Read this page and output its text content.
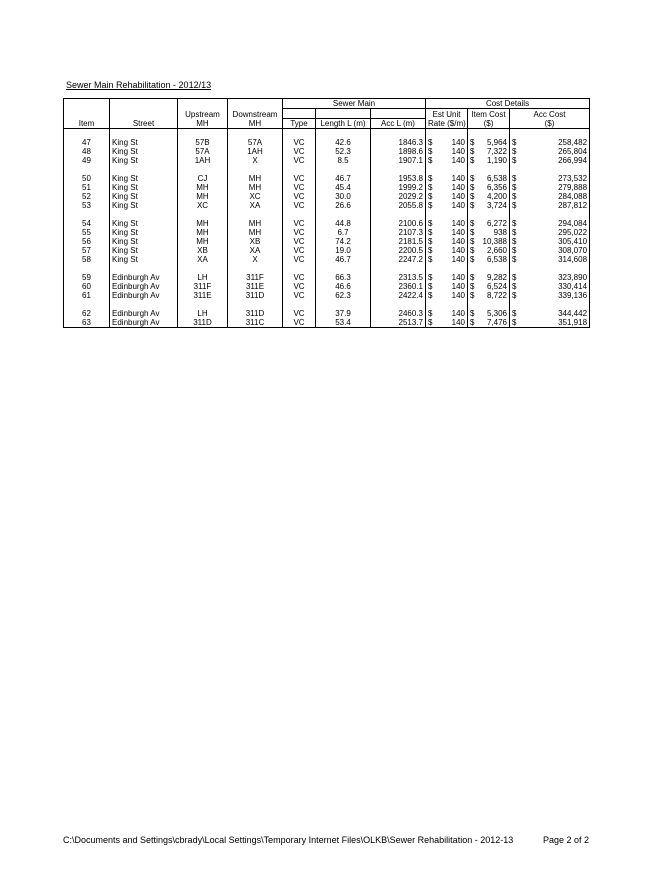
Sewer Main Rehabilitation - 2012/13
				Sewer Main			Cost Details		
		Upstream	Downstream				Est Unit	Item Cost	Acc Cost
Item	Street	MH	MH	Type	Length L (m)	Acc L (m)	Rate ($/m)	($)	($)

47	King St	57B	57A	VC	42.6	1846.3	$ 140	$ 5,964	$ 258,482

48	King St	57A	1AH	VC	52.3	1898.6	$ 140	$ 7,322	$ 265,804

49	King St	1AH	X	VC	8.5	1907.1	$ 140	$ 1,190	$ 266,994

50	King St	CJ	MH	VC	46.7	1953.8	$ 140	$ 6,538	$ 273,532

51	King St	MH	MH	VC	45.4	1999.2	$ 140	$ 6,356	$ 279,888

52	King St	MH	XC	VC	30.0	2029.2	$ 140	$ 4,200	$ 284,088

53	King St	XC	XA	VC	26.6	2055.8	$ 140	$ 3,724	$ 287,812

54	King St	MH	MH	VC	44.8	2100.6	$ 140	$ 6,272	$ 294,084

55	King St	MH	MH	VC	6.7	2107.3	$ 140	$ 938	$ 295,022

56	King St	MH	XB	VC	74.2	2181.5	$ 140	$ 10,388	$ 305,410

57	King St	XB	XA	VC	19.0	2200.5	$ 140	$ 2,660	$ 308,070

58	King St	XA	X	VC	46.7	2247.2	$ 140	$ 6,538	$ 314,608

59	Edinburgh Av	LH	311F	VC	66.3	2313.5	$ 140	$ 9,282	$ 323,890

60	Edinburgh Av	311F	311E	VC	46.6	2360.1	$ 140	$ 6,524	$ 330,414

61	Edinburgh Av	311E	311D	VC	62.3	2422.4	$ 140	$ 8,722	$ 339,136

62	Edinburgh Av	LH	311D	VC	37.9	2460.3	$ 140	$ 5,306	$ 344,442

63	Edinburgh Av	311D	311C	VC	53.4	2513.7	$ 140	$ 7,476	$ 351,918
C:\Documents and Settings\cbrady\Local Settings\Temporary Internet Files\OLKB\Sewer Rehabilitation - 2012-13	Page 2 of 2
